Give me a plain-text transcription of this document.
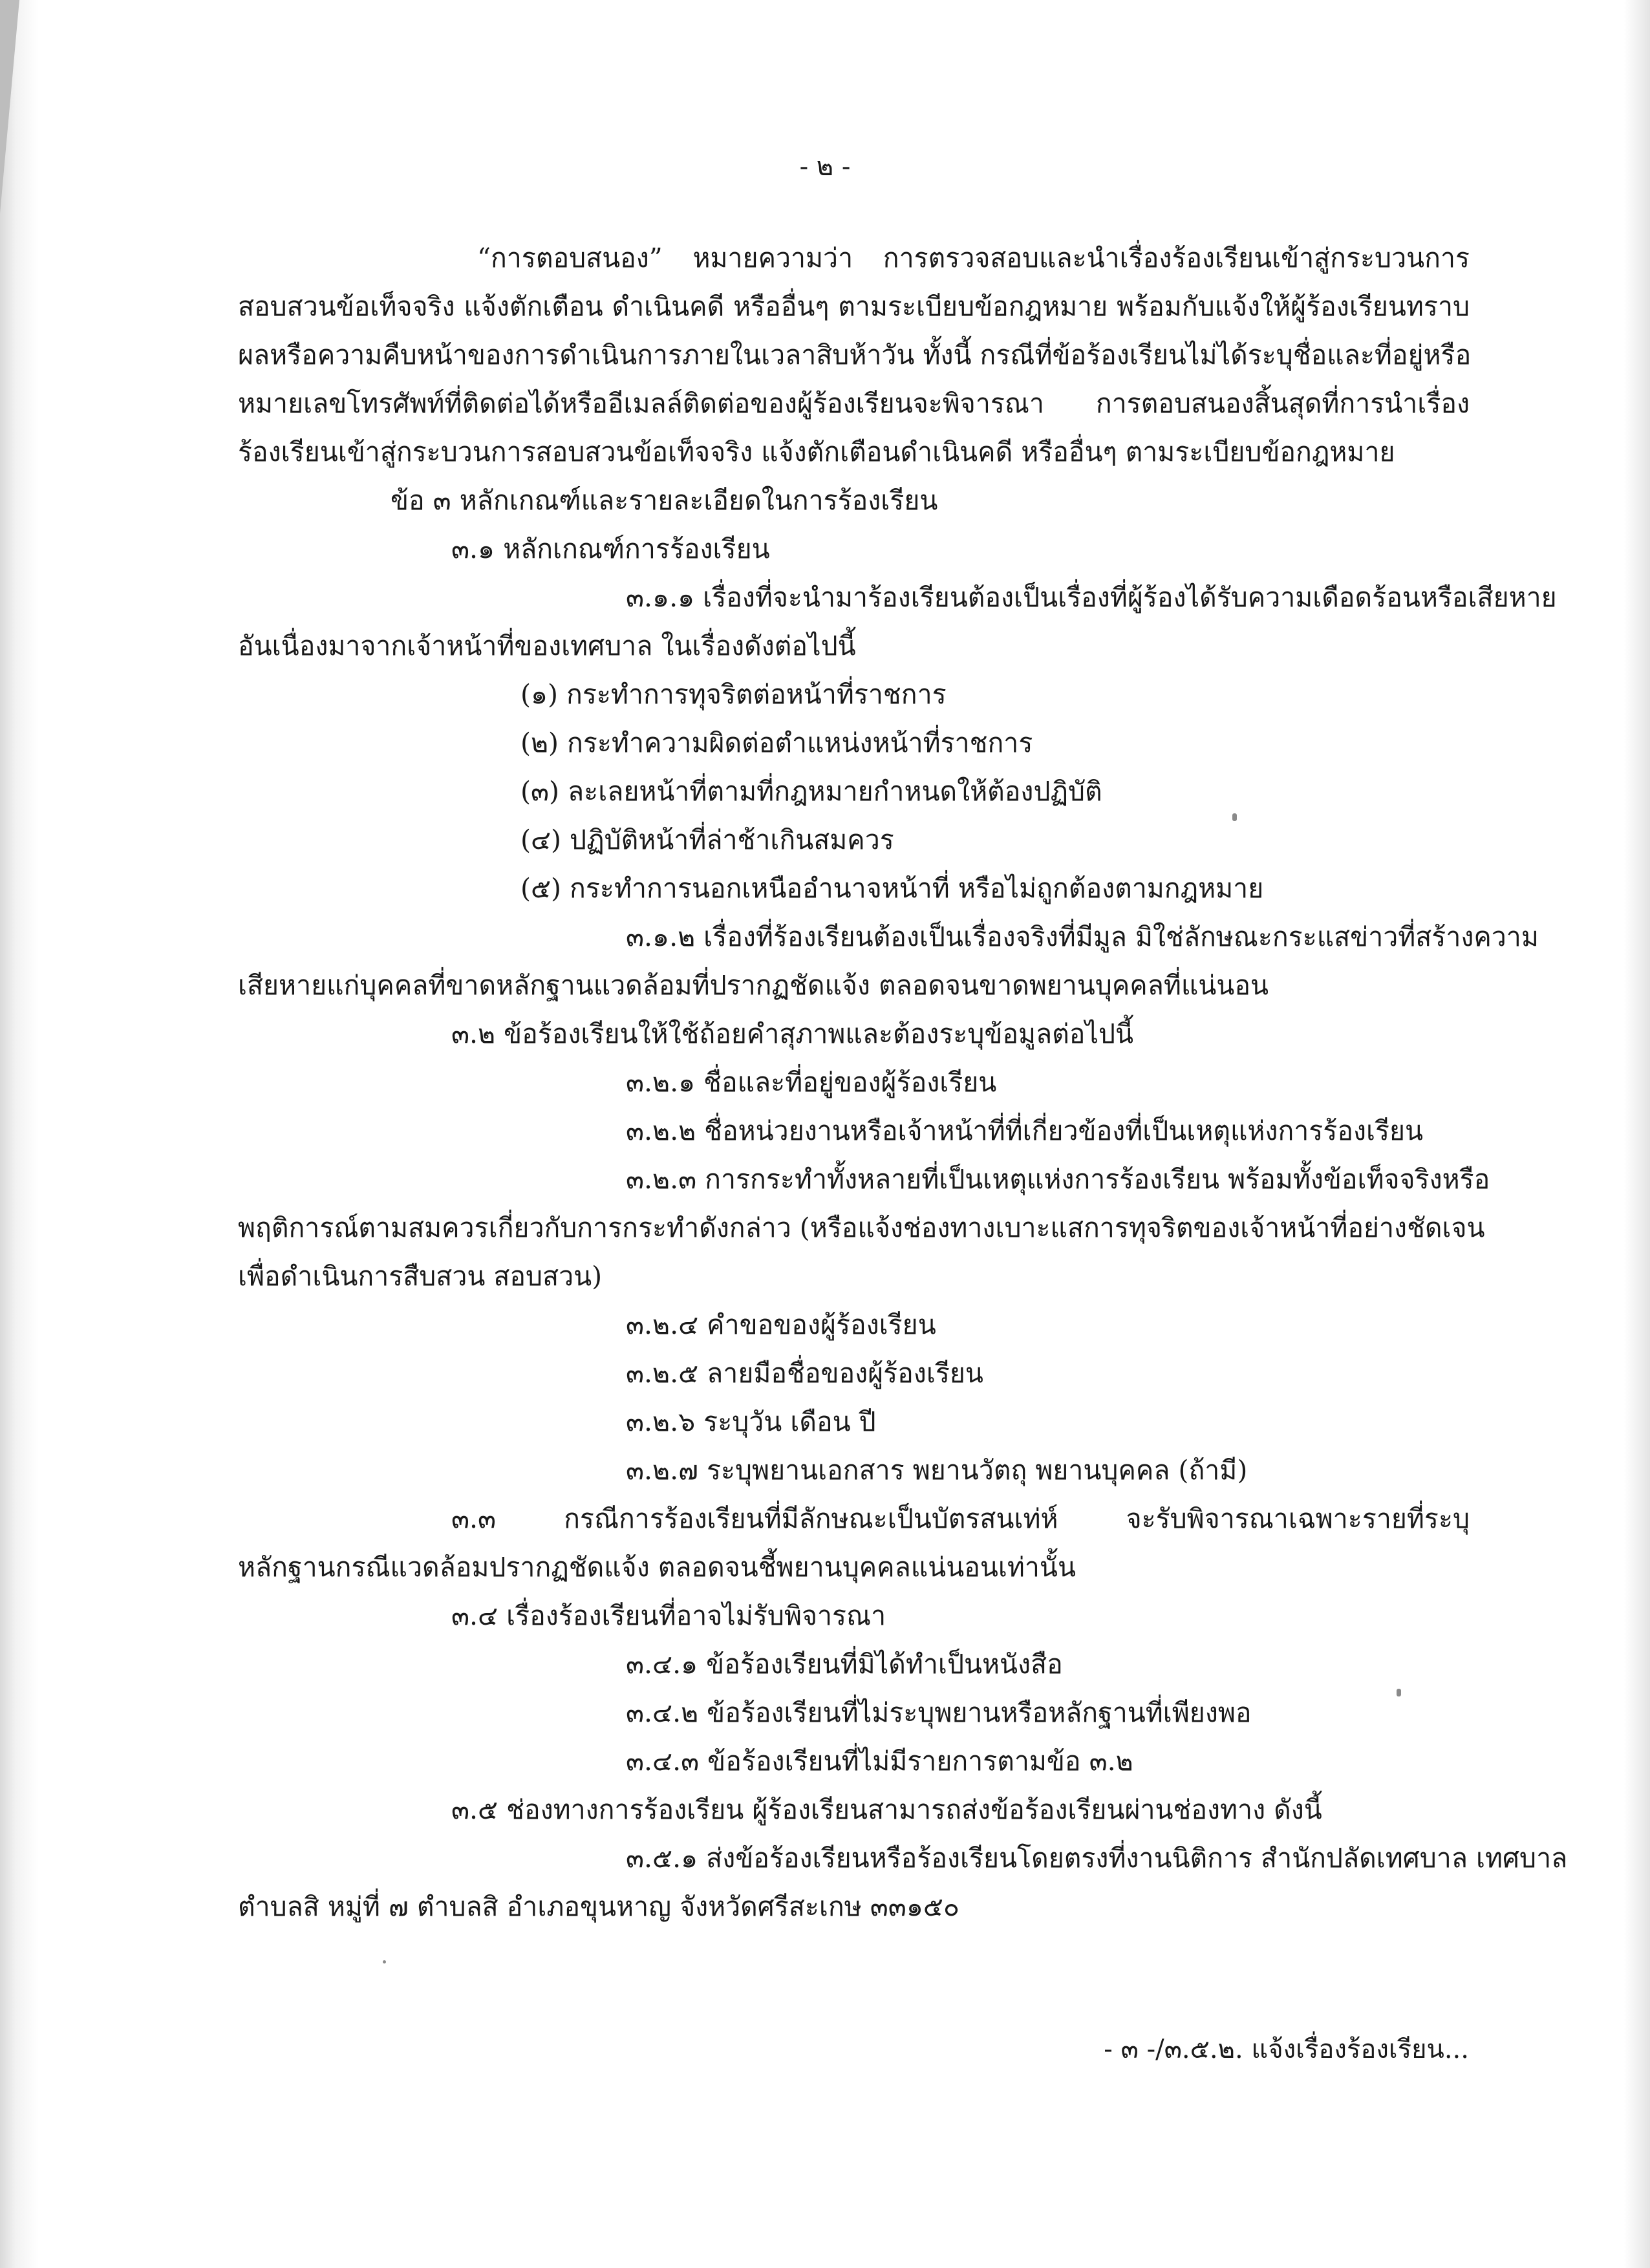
- ๒ -
“การตอบสนอง” หมายความว่า การตรวจสอบและนำเรื่องร้องเรียนเข้าสู่กระบวนการ
สอบสวนข้อเท็จจริง แจ้งตักเตือน ดำเนินคดี หรืออื่นๆ ตามระเบียบข้อกฎหมาย พร้อมกับแจ้งให้ผู้ร้องเรียนทราบ
ผลหรือความคืบหน้าของการดำเนินการภายในเวลาสิบห้าวัน ทั้งนี้ กรณีที่ข้อร้องเรียนไม่ได้ระบุชื่อและที่อยู่หรือ
หมายเลขโทรศัพท์ที่ติดต่อได้หรืออีเมลล์ติดต่อของผู้ร้องเรียนจะพิจารณา การตอบสนองสิ้นสุดที่การนำเรื่อง
ร้องเรียนเข้าสู่กระบวนการสอบสวนข้อเท็จจริง แจ้งตักเตือนดำเนินคดี หรืออื่นๆ ตามระเบียบข้อกฎหมาย
ข้อ ๓ หลักเกณฑ์และรายละเอียดในการร้องเรียน
๓.๑ หลักเกณฑ์การร้องเรียน
๓.๑.๑ เรื่องที่จะนำมาร้องเรียนต้องเป็นเรื่องที่ผู้ร้องได้รับความเดือดร้อนหรือเสียหาย
อันเนื่องมาจากเจ้าหน้าที่ของเทศบาล ในเรื่องดังต่อไปนี้
(๑) กระทำการทุจริตต่อหน้าที่ราชการ
(๒) กระทำความผิดต่อตำแหน่งหน้าที่ราชการ
(๓) ละเลยหน้าที่ตามที่กฎหมายกำหนดให้ต้องปฏิบัติ
(๔) ปฏิบัติหน้าที่ล่าช้าเกินสมควร
(๕) กระทำการนอกเหนืออำนาจหน้าที่ หรือไม่ถูกต้องตามกฎหมาย
๓.๑.๒ เรื่องที่ร้องเรียนต้องเป็นเรื่องจริงที่มีมูล มิใช่ลักษณะกระแสข่าวที่สร้างความ
เสียหายแก่บุคคลที่ขาดหลักฐานแวดล้อมที่ปรากฏชัดแจ้ง ตลอดจนขาดพยานบุคคลที่แน่นอน
๓.๒ ข้อร้องเรียนให้ใช้ถ้อยคำสุภาพและต้องระบุข้อมูลต่อไปนี้
๓.๒.๑ ชื่อและที่อยู่ของผู้ร้องเรียน
๓.๒.๒ ชื่อหน่วยงานหรือเจ้าหน้าที่ที่เกี่ยวข้องที่เป็นเหตุแห่งการร้องเรียน
๓.๒.๓ การกระทำทั้งหลายที่เป็นเหตุแห่งการร้องเรียน พร้อมทั้งข้อเท็จจริงหรือ
พฤติการณ์ตามสมควรเกี่ยวกับการกระทำดังกล่าว (หรือแจ้งช่องทางเบาะแสการทุจริตของเจ้าหน้าที่อย่างชัดเจน
เพื่อดำเนินการสืบสวน สอบสวน)
๓.๒.๔ คำขอของผู้ร้องเรียน
๓.๒.๕ ลายมือชื่อของผู้ร้องเรียน
๓.๒.๖ ระบุวัน เดือน ปี
๓.๒.๗ ระบุพยานเอกสาร พยานวัตถุ พยานบุคคล (ถ้ามี)
๓.๓ กรณีการร้องเรียนที่มีลักษณะเป็นบัตรสนเท่ห์ จะรับพิจารณาเฉพาะรายที่ระบุ
หลักฐานกรณีแวดล้อมปรากฏชัดแจ้ง ตลอดจนชี้พยานบุคคลแน่นอนเท่านั้น
๓.๔ เรื่องร้องเรียนที่อาจไม่รับพิจารณา
๓.๔.๑ ข้อร้องเรียนที่มิได้ทำเป็นหนังสือ
๓.๔.๒ ข้อร้องเรียนที่ไม่ระบุพยานหรือหลักฐานที่เพียงพอ
๓.๔.๓ ข้อร้องเรียนที่ไม่มีรายการตามข้อ ๓.๒
๓.๕ ช่องทางการร้องเรียน ผู้ร้องเรียนสามารถส่งข้อร้องเรียนผ่านช่องทาง ดังนี้
๓.๕.๑ ส่งข้อร้องเรียนหรือร้องเรียนโดยตรงที่งานนิติการ สำนักปลัดเทศบาล เทศบาล
ตำบลสิ หมู่ที่ ๗ ตำบลสิ อำเภอขุนหาญ จังหวัดศรีสะเกษ ๓๓๑๕๐
- ๓ -/๓.๕.๒. แจ้งเรื่องร้องเรียน...
